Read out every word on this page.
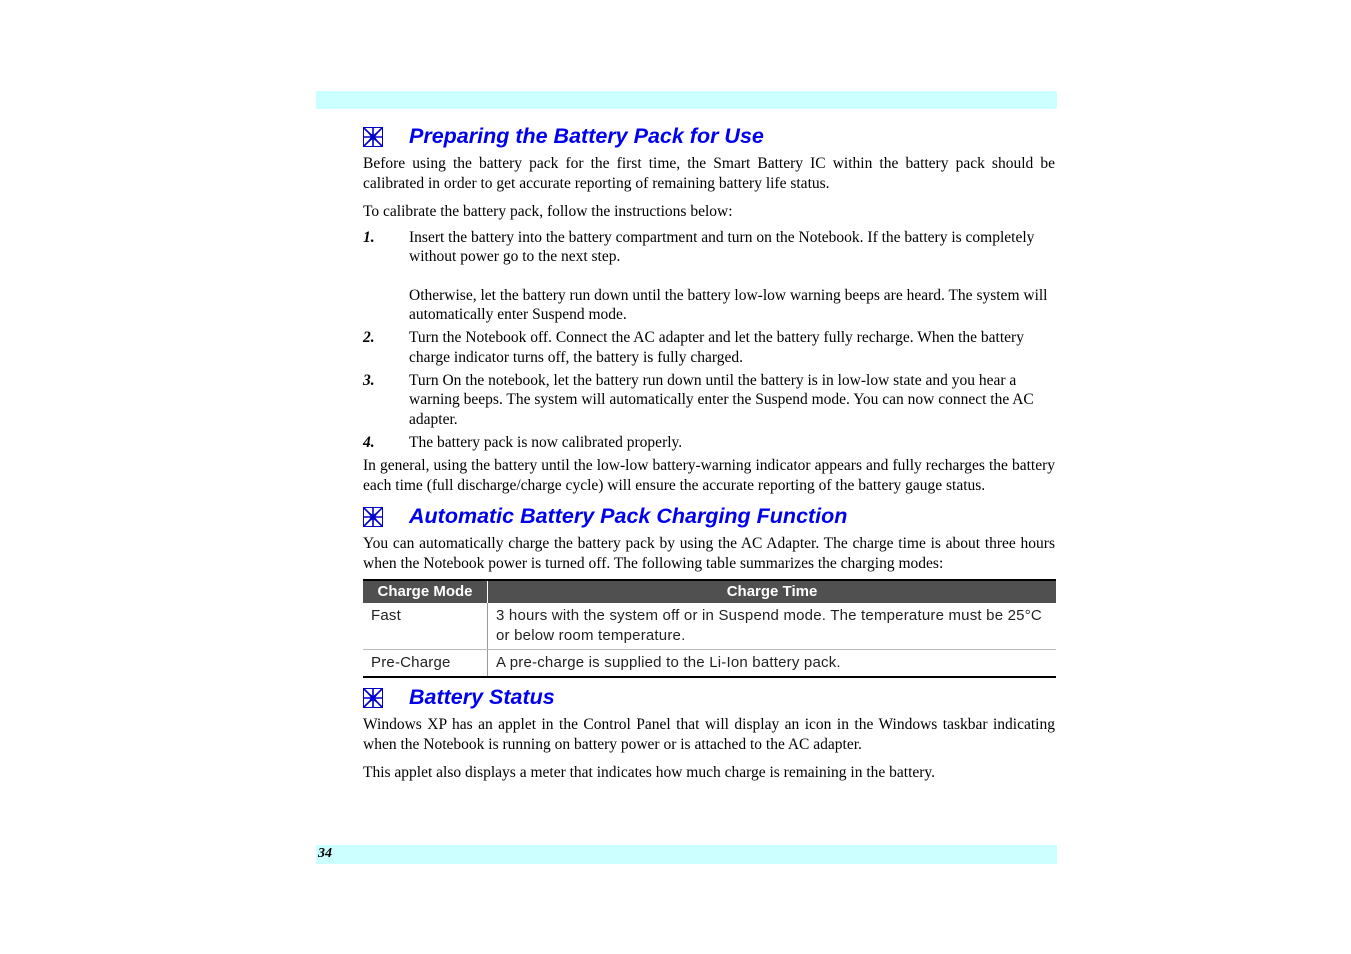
Preparing the Battery Pack for Use

Before using the battery pack for the first time, the Smart Battery IC within the battery pack should be calibrated in order to get accurate reporting of remaining battery life status.

To calibrate the battery pack, follow the instructions below:

1.	Insert the battery into the battery compartment and turn on the Notebook. If the battery is completely without power go to the next step.
Otherwise, let the battery run down until the battery low-low warning beeps are heard. The system will automatically enter Suspend mode.
2.	Turn the Notebook off. Connect the AC adapter and let the battery fully recharge. When the battery charge indicator turns off, the battery is fully charged.
3.	Turn On the notebook, let the battery run down until the battery is in low-low state and you hear a warning beeps. The system will automatically enter the Suspend mode. You can now connect the AC adapter.
4.	The battery pack is now calibrated properly.

In general, using the battery until the low-low battery-warning indicator appears and fully recharges the battery each time (full discharge/charge cycle) will ensure the accurate reporting of the battery gauge status.

Automatic Battery Pack Charging Function

You can automatically charge the battery pack by using the AC Adapter. The charge time is about three hours when the Notebook power is turned off. The following table summarizes the charging modes:

Charge Mode	Charge Time
Fast	3 hours with the system off or in Suspend mode. The temperature must be 25°C or below room temperature.
Pre-Charge	A pre-charge is supplied to the Li-Ion battery pack.
Battery Status

Windows XP has an applet in the Control Panel that will display an icon in the Windows taskbar indicating when the Notebook is running on battery power or is attached to the AC adapter.

This applet also displays a meter that indicates how much charge is remaining in the battery.

34
